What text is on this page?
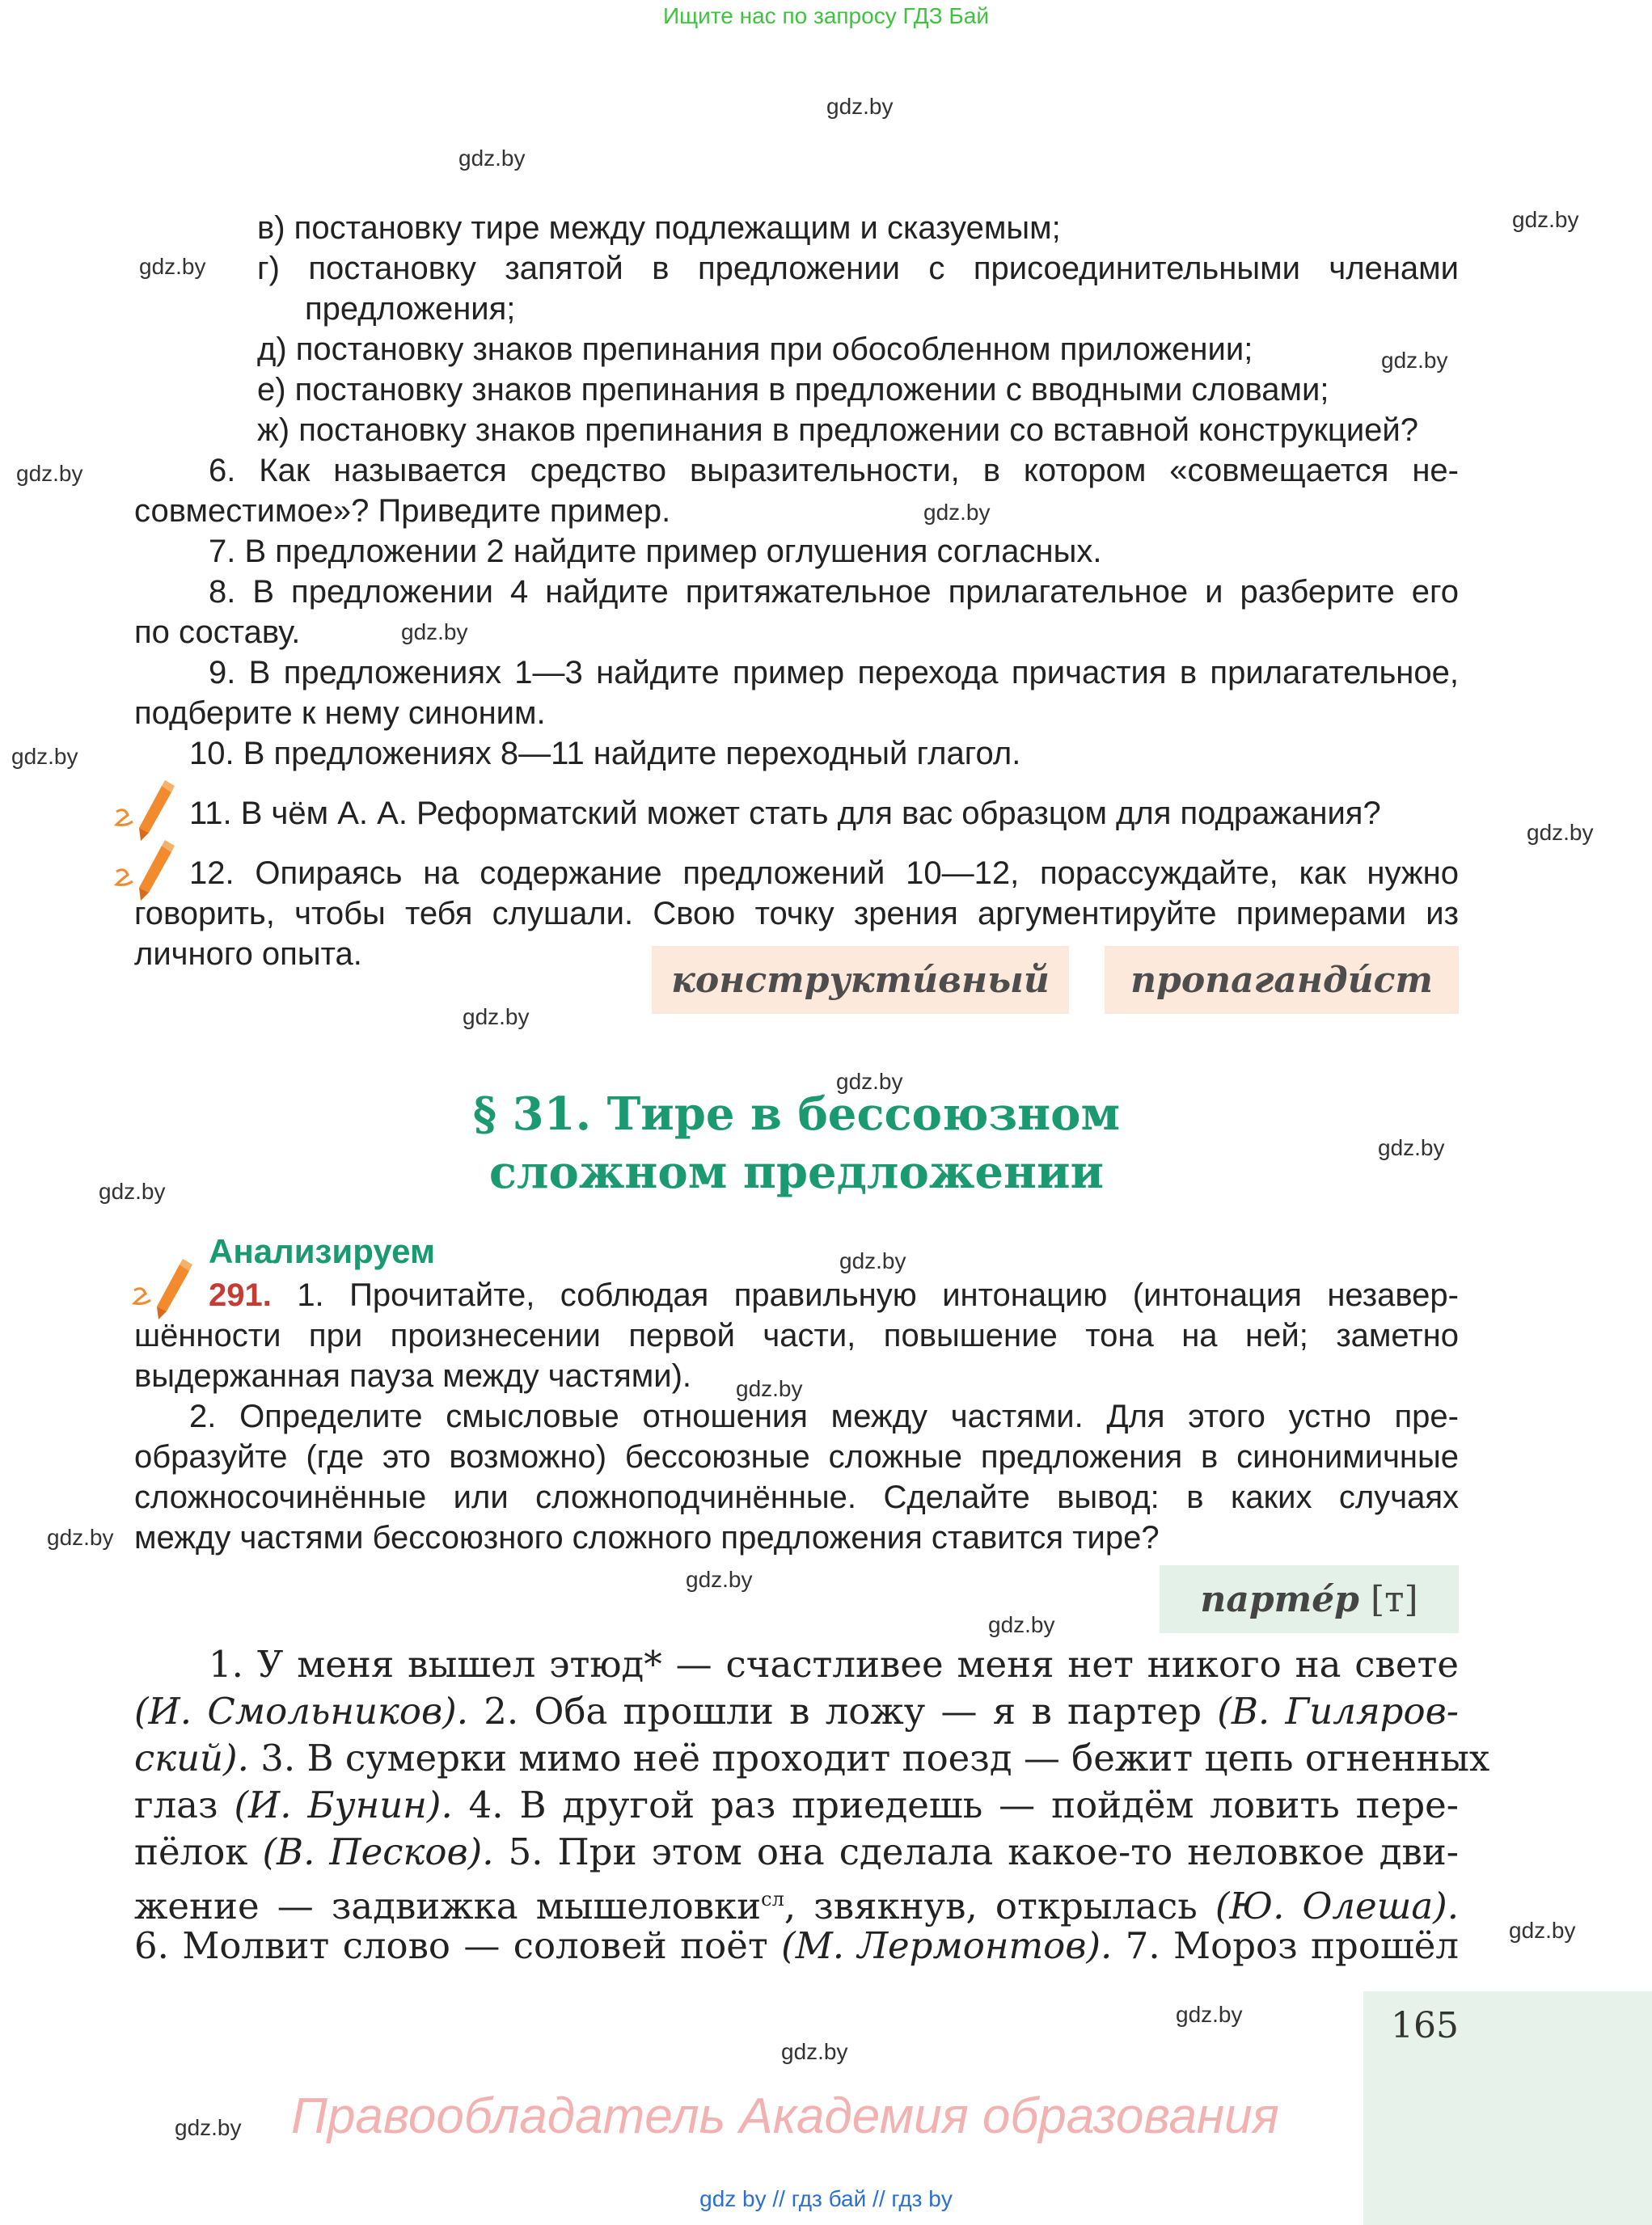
Ищите нас по запросу ГДЗ Бай
gdz.by
gdz.by
gdz.by
gdz.by
gdz.by
gdz.by
gdz.by
gdz.by
gdz.by
gdz.by
gdz.by
gdz.by
gdz.by
gdz.by
gdz.by
gdz.by
gdz.by
gdz.by
gdz.by
gdz.by
gdz.by
gdz.by
gdz.by
в) постановку тире между подлежащим и сказуемым;
г) постановку запятой в предложении с присоединительными членами
предложения;
д) постановку знаков препинания при обособленном приложении;
е) постановку знаков препинания в предложении с вводными словами;
ж) постановку знаков препинания в предложении со вставной конструкцией?
6. Как называется средство выразительности, в котором «совмещается не-
совместимое»? Приведите пример.
7. В предложении 2 найдите пример оглушения согласных.
8. В предложении 4 найдите притяжательное прилагательное и разберите его
по составу.
9. В предложениях 1—3 найдите пример перехода причастия в прилагательное,
подберите к нему синоним.
10. В предложениях 8—11 найдите переходный глагол.
11. В чём А. А. Реформатский может стать для вас образцом для подражания?
12. Опираясь на содержание предложений 10—12, порассуждайте, как нужно
говорить, чтобы тебя слушали. Свою точку зрения аргументируйте примерами из
личного опыта.
конструкти́вный	пропаганди́ст
§ 31. Тире в бессоюзном
сложном предложении
Анализируем
291. 1. Прочитайте, соблюдая правильную интонацию (интонация незавер-
шённости при произнесении первой части, повышение тона на ней; заметно
выдержанная пауза между частями).
2. Определите смысловые отношения между частями. Для этого устно пре-
образуйте (где это возможно) бессоюзные сложные предложения в синонимичные
сложносочинённые или сложноподчинённые. Сделайте вывод: в каких случаях
между частями бессоюзного сложного предложения ставится тире?
парте́р
[т]
1. У меня вышел этюд* — счастливее меня нет никого на свете
(И. Смольников). 2. Оба прошли в ложу — я в партер (В. Гиляров-
ский). 3. В сумерки мимо неё проходит поезд — бежит цепь огненных
глаз (И. Бунин). 4. В другой раз приедешь — пойдём ловить пере-
пёлок (В. Песков). 5. При этом она сделала какое-то неловкое дви-
жение — задвижка мышеловки$^{сл}$, звякнув, открылась (Ю. Олеша).
6. Молвит слово — соловей поёт (М. Лермонтов). 7. Мороз прошёл
165
Правообладатель Академия образования
gdz by // гдз бай // гдз by
